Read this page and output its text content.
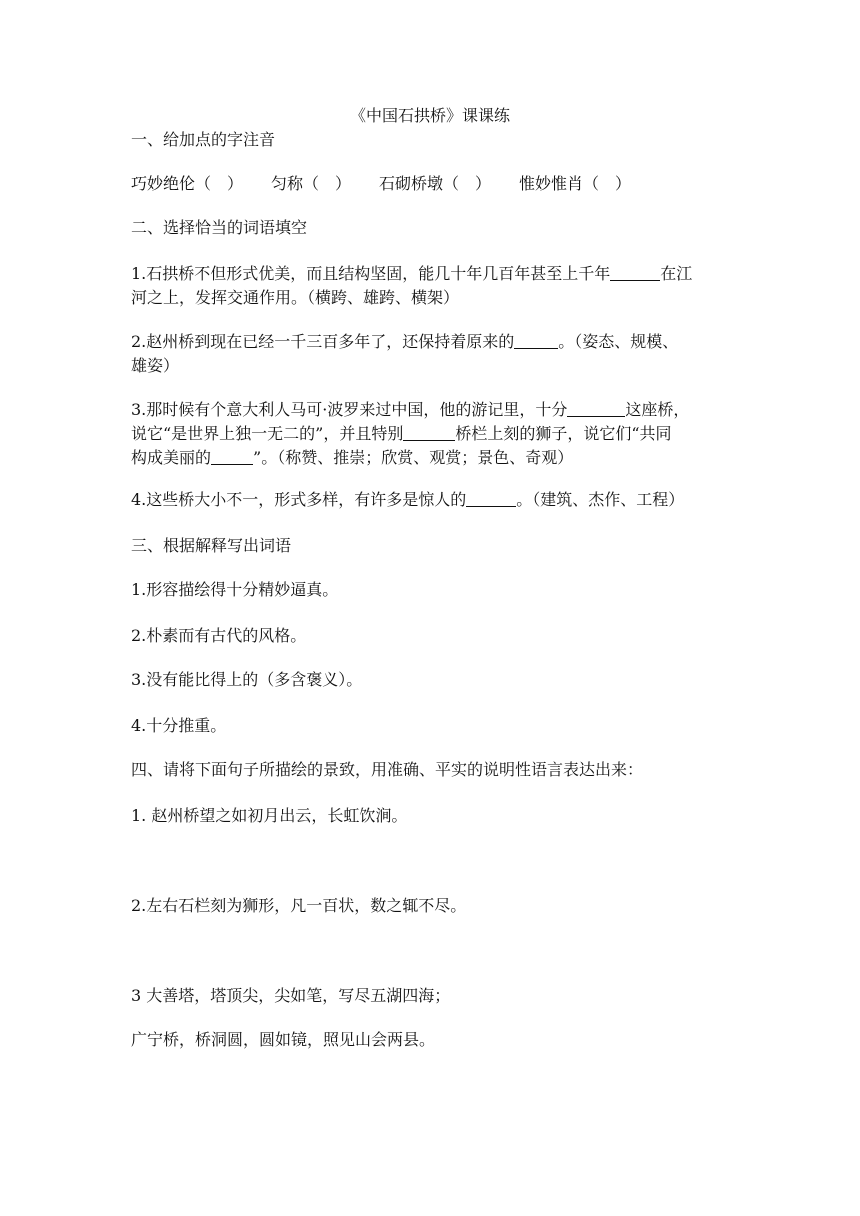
《中国石拱桥》课课练

一、给加点的字注音

巧妙绝伦（　） 匀称（　） 石砌桥墩（　） 惟妙惟肖（　）

二、选择恰当的词语填空

1.石拱桥不但形式优美，而且结构坚固，能几十年几百年甚至上千年	在江

河之上，发挥交通作用。（横跨、雄跨、横架）

2.赵州桥到现在已经一千三百多年了，还保持着原来的	。（姿态、规模、

雄姿）

3.那时候有个意大利人马可·波罗来过中国，他的游记里，十分	这座桥，

说它“是世界上独一无二的”，并且特别	桥栏上刻的狮子，说它们“共同

构成美丽的	”。（称赞、推崇；欣赏、观赏；景色、奇观）

4.这些桥大小不一，形式多样，有许多是惊人的	。（建筑、杰作、工程）

三、根据解释写出词语

1.形容描绘得十分精妙逼真。

2.朴素而有古代的风格。

3.没有能比得上的（多含褒义）。

4.十分推重。

四、请将下面句子所描绘的景致，用准确、平实的说明性语言表达出来：

1. 赵州桥望之如初月出云，长虹饮涧。

2.左右石栏刻为狮形，凡一百状，数之辄不尽。

3 大善塔，塔顶尖，尖如笔，写尽五湖四海；

广宁桥，桥洞圆，圆如镜，照见山会两县。
